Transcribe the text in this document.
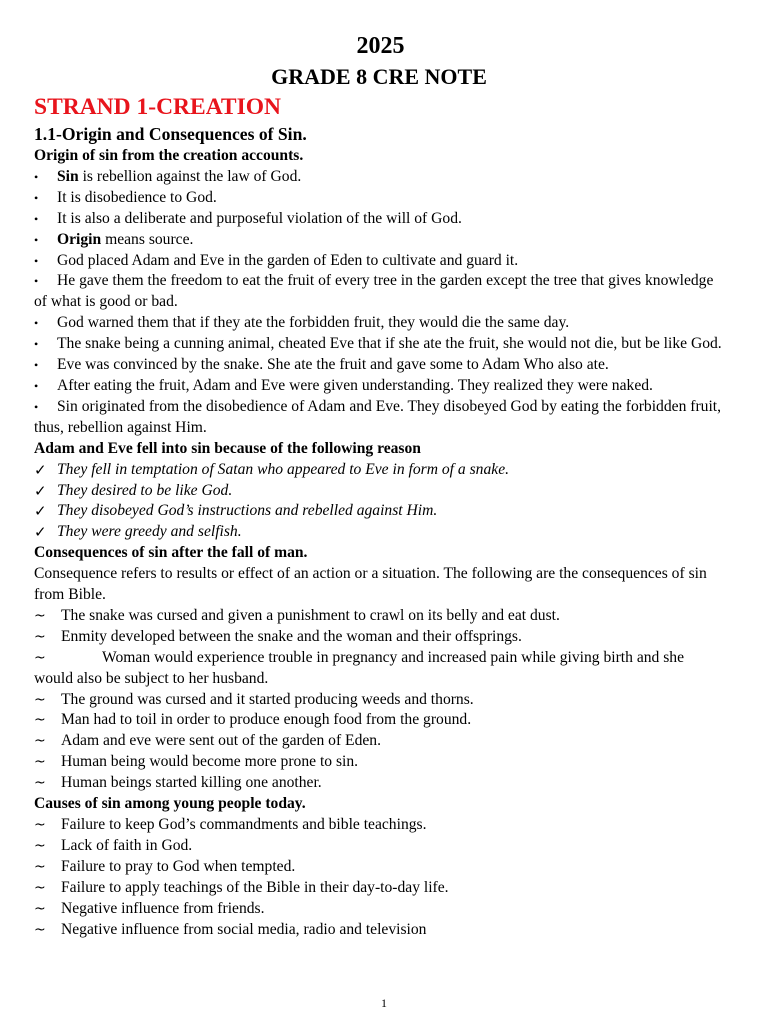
2025
GRADE 8 CRE NOTE
STRAND 1-CREATION
1.1-Origin and Consequences of Sin.
Origin of sin from the creation accounts.
• Sin is rebellion against the law of God.
• It is disobedience to God.
• It is also a deliberate and purposeful violation of the will of God.
• Origin means source.
• God placed Adam and Eve in the garden of Eden to cultivate and guard it.
• He gave them the freedom to eat the fruit of every tree in the garden except the tree that gives knowledge of what is good or bad.
• God warned them that if they ate the forbidden fruit, they would die the same day.
• The snake being a cunning animal, cheated Eve that if she ate the fruit, she would not die, but be like God.
• Eve was convinced by the snake. She ate the fruit and gave some to Adam Who also ate.
• After eating the fruit, Adam and Eve were given understanding. They realized they were naked.
• Sin originated from the disobedience of Adam and Eve. They disobeyed God by eating the forbidden fruit, thus, rebellion against Him.
Adam and Eve fell into sin because of the following reason
✓ They fell in temptation of Satan who appeared to Eve in form of a snake.
✓ They desired to be like God.
✓ They disobeyed God’s instructions and rebelled against Him.
✓ They were greedy and selfish.
Consequences of sin after the fall of man.
Consequence refers to results or effect of an action or a situation. The following are the consequences of sin from Bible.
~ The snake was cursed and given a punishment to crawl on its belly and eat dust.
~ Enmity developed between the snake and the woman and their offsprings.
~	Woman would experience trouble in pregnancy and increased pain while giving birth and she would also be subject to her husband.
~ The ground was cursed and it started producing weeds and thorns.
~ Man had to toil in order to produce enough food from the ground.
~ Adam and eve were sent out of the garden of Eden.
~ Human being would become more prone to sin.
~ Human beings started killing one another.
Causes of sin among young people today.
~ Failure to keep God’s commandments and bible teachings.
~ Lack of faith in God.
~ Failure to pray to God when tempted.
~ Failure to apply teachings of the Bible in their day-to-day life.
~ Negative influence from friends.
~ Negative influence from social media, radio and television
1
